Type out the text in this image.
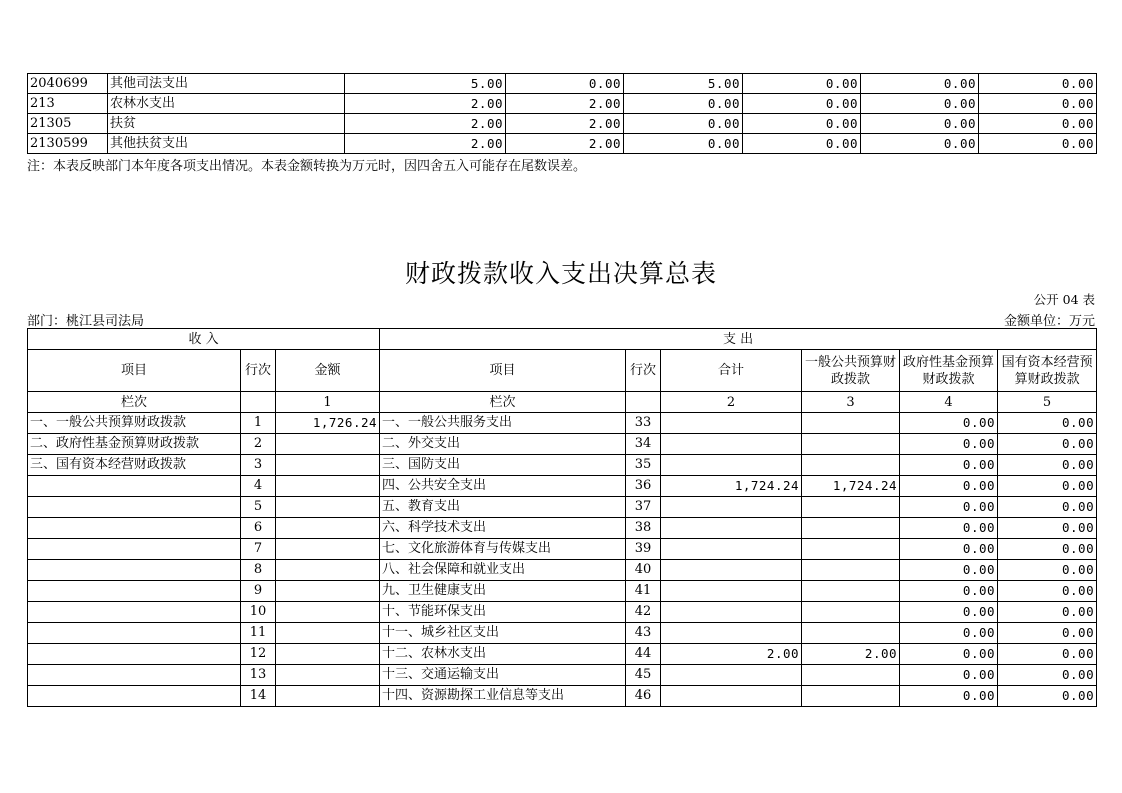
2040699	其他司法支出	5.00	0.00	5.00	0.00	0.00	0.00
213	农林水支出	2.00	2.00	0.00	0.00	0.00	0.00
21305	扶贫	2.00	2.00	0.00	0.00	0.00	0.00
2130599	其他扶贫支出	2.00	2.00	0.00	0.00	0.00	0.00
注：本表反映部门本年度各项支出情况。本表金额转换为万元时，因四舍五入可能存在尾数误差。
财政拨款收入支出决算总表
公开 04 表
部门：桃江县司法局	金额单位：万元
收 入			支 出					
项目	行次	金额	项目	行次	合计	一般公共预算财政拨款	政府性基金预算财政拨款	国有资本经营预算财政拨款
栏次		1	栏次		2	3	4	5
一、一般公共预算财政拨款	1	1,726.24	一、一般公共服务支出	33			0.00	0.00
二、政府性基金预算财政拨款	2		二、外交支出	34			0.00	0.00
三、国有资本经营财政拨款	3		三、国防支出	35			0.00	0.00
	4		四、公共安全支出	36	1,724.24	1,724.24	0.00	0.00
	5		五、教育支出	37			0.00	0.00
	6		六、科学技术支出	38			0.00	0.00
	7		七、文化旅游体育与传媒支出	39			0.00	0.00
	8		八、社会保障和就业支出	40			0.00	0.00
	9		九、卫生健康支出	41			0.00	0.00
	10		十、节能环保支出	42			0.00	0.00
	11		十一、城乡社区支出	43			0.00	0.00
	12		十二、农林水支出	44	2.00	2.00	0.00	0.00
	13		十三、交通运输支出	45			0.00	0.00
	14		十四、资源勘探工业信息等支出	46			0.00	0.00
